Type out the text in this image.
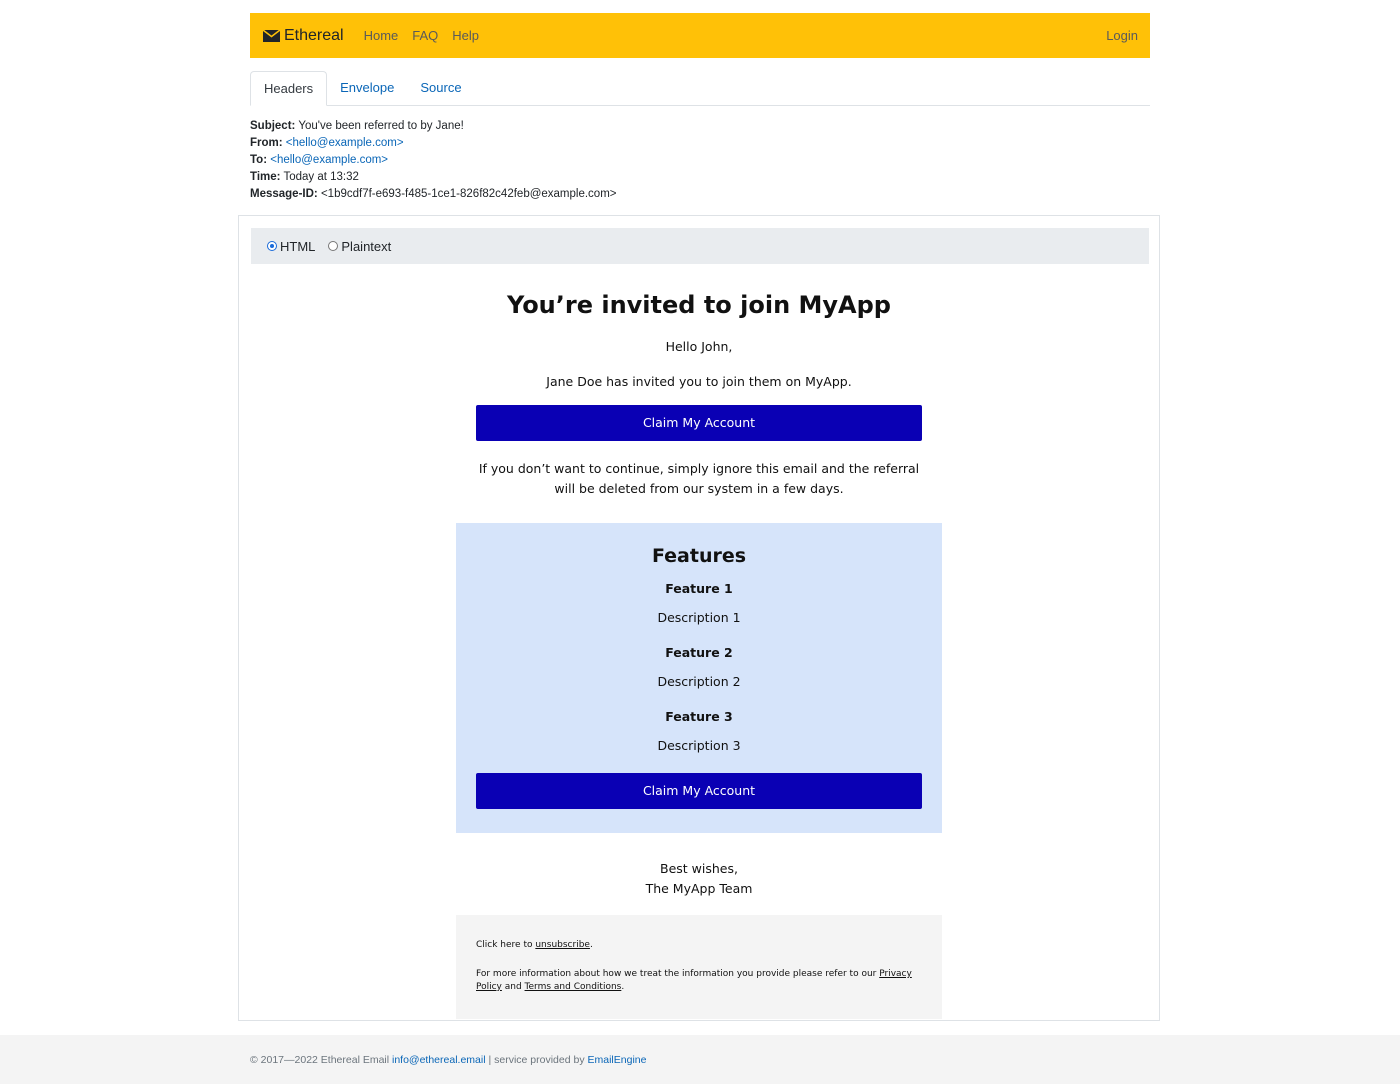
Ethereal Home FAQ Help	Login
Headers	Envelope	Source
Subject: You've been referred to by Jane!
From: <hello@example.com>
To: <hello@example.com>
Time: Today at 13:32
Message-ID: <1b9cdf7f-e693-f485-1ce1-826f82c42feb@example.com>
HTML Plaintext
You’re invited to join MyApp

Hello John,

Jane Doe has invited you to join them on MyApp.

Claim My Account

If you don’t want to continue, simply ignore this email and the referral will be deleted from our system in a few days.

Features

Feature 1

Description 1

Feature 2

Description 2

Feature 3

Description 3

Claim My Account

Best wishes,
The MyApp Team

Click here to unsubscribe.

For more information about how we treat the information you provide please refer to our Privacy Policy and Terms and Conditions.

© 2017—2022 Ethereal Email info@ethereal.email | service provided by EmailEngine
